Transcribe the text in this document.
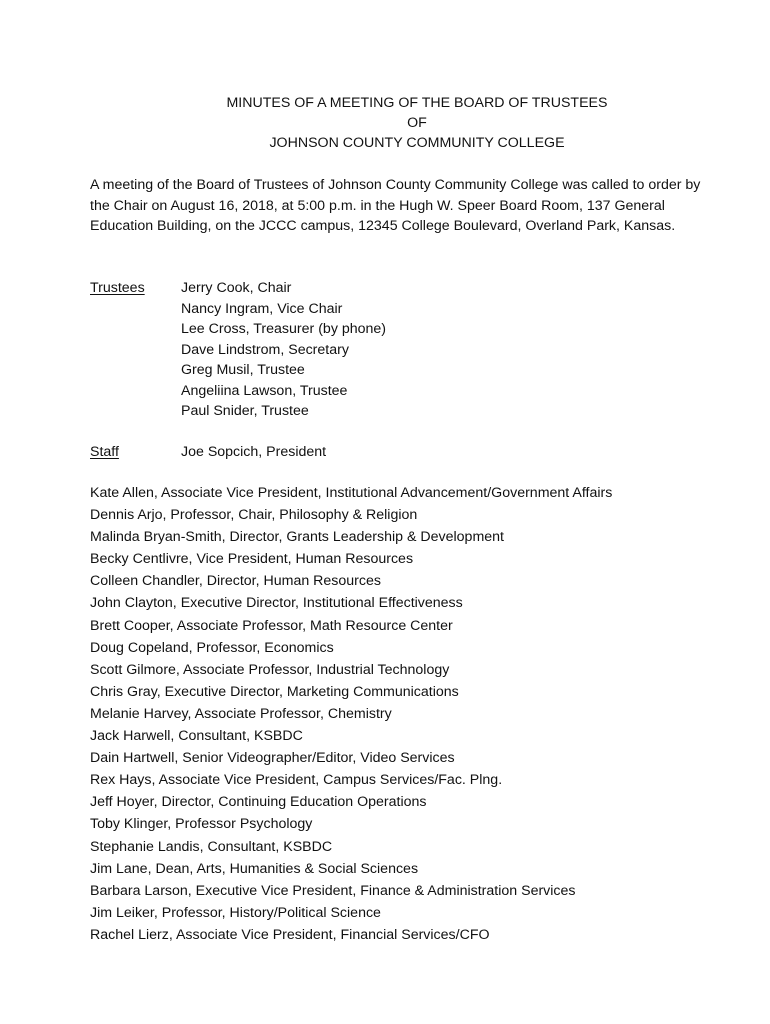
MINUTES OF A MEETING OF THE BOARD OF TRUSTEES
OF
JOHNSON COUNTY COMMUNITY COLLEGE
A meeting of the Board of Trustees of Johnson County Community College was called to order by the Chair on August 16, 2018, at 5:00 p.m. in the Hugh W. Speer Board Room, 137 General Education Building, on the JCCC campus, 12345 College Boulevard, Overland Park, Kansas.
Trustees	Jerry Cook, Chair
Nancy Ingram, Vice Chair
Lee Cross, Treasurer (by phone)
Dave Lindstrom, Secretary
Greg Musil, Trustee
Angeliina Lawson, Trustee
Paul Snider, Trustee
Staff	Joe Sopcich, President
Kate Allen, Associate Vice President, Institutional Advancement/Government Affairs
Dennis Arjo, Professor, Chair, Philosophy & Religion
Malinda Bryan-Smith, Director, Grants Leadership & Development
Becky Centlivre, Vice President, Human Resources
Colleen Chandler, Director, Human Resources
John Clayton, Executive Director, Institutional Effectiveness
Brett Cooper, Associate Professor, Math Resource Center
Doug Copeland, Professor, Economics
Scott Gilmore, Associate Professor, Industrial Technology
Chris Gray, Executive Director, Marketing Communications
Melanie Harvey, Associate Professor, Chemistry
Jack Harwell, Consultant, KSBDC
Dain Hartwell, Senior Videographer/Editor, Video Services
Rex Hays, Associate Vice President, Campus Services/Fac. Plng.
Jeff Hoyer, Director, Continuing Education Operations
Toby Klinger, Professor Psychology
Stephanie Landis, Consultant, KSBDC
Jim Lane, Dean, Arts, Humanities & Social Sciences
Barbara Larson, Executive Vice President, Finance & Administration Services
Jim Leiker, Professor, History/Political Science
Rachel Lierz, Associate Vice President, Financial Services/CFO
